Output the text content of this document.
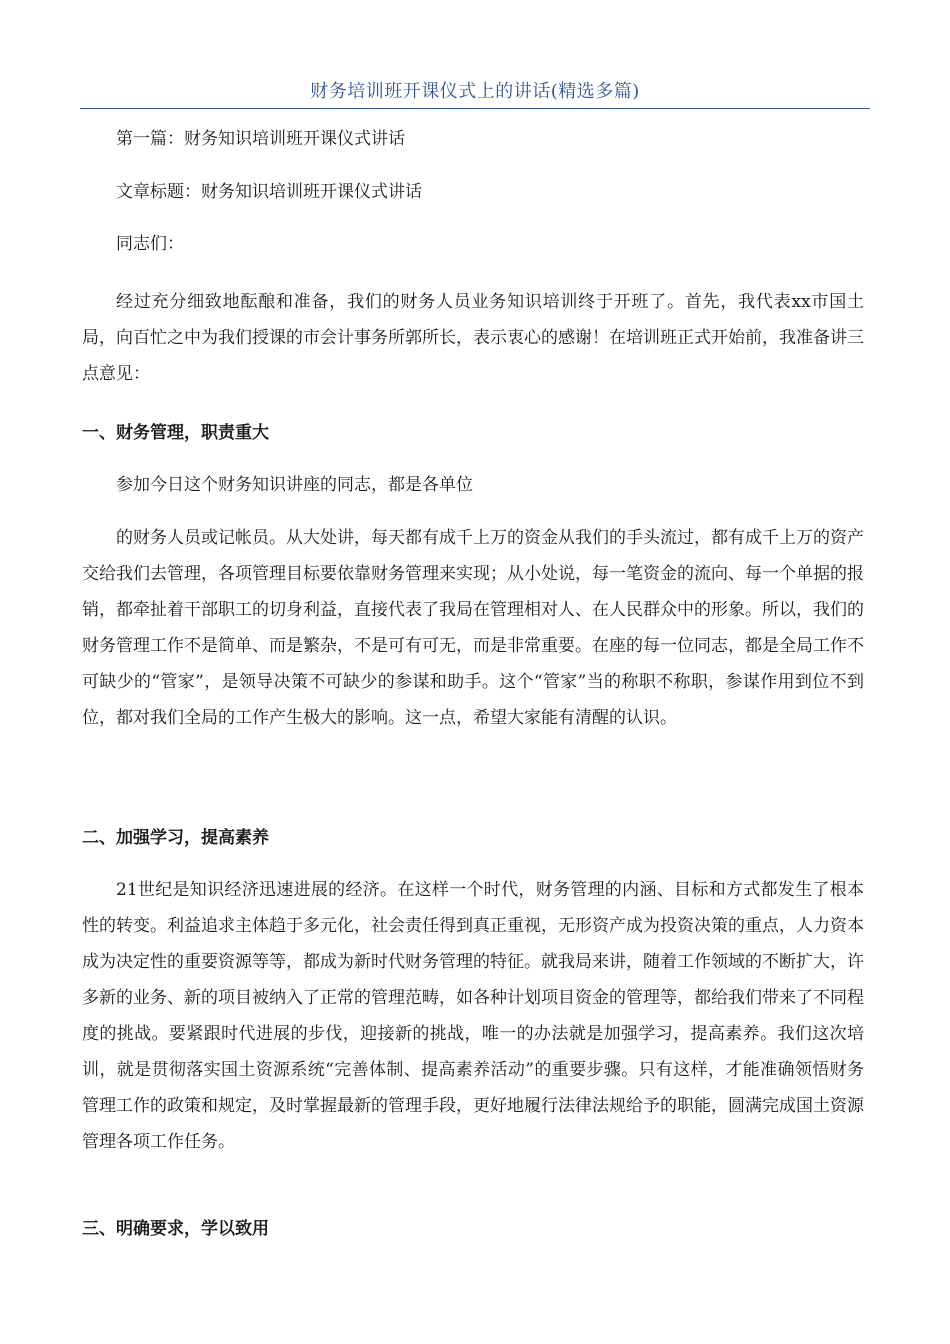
财务培训班开课仪式上的讲话(精选多篇)
第一篇：财务知识培训班开课仪式讲话
文章标题：财务知识培训班开课仪式讲话
同志们：
经过充分细致地酝酿和准备，我们的财务人员业务知识培训终于开班了。首先，我代表xx市国土局，向百忙之中为我们授课的市会计事务所郭所长，表示衷心的感谢！在培训班正式开始前，我准备讲三点意见：
一、财务管理，职责重大
参加今日这个财务知识讲座的同志，都是各单位
的财务人员或记帐员。从大处讲，每天都有成千上万的资金从我们的手头流过，都有成千上万的资产交给我们去管理，各项管理目标要依靠财务管理来实现；从小处说，每一笔资金的流向、每一个单据的报销，都牵扯着干部职工的切身利益，直接代表了我局在管理相对人、在人民群众中的形象。所以，我们的财务管理工作不是简单、而是繁杂，不是可有可无，而是非常重要。在座的每一位同志，都是全局工作不可缺少的“管家”，是领导决策不可缺少的参谋和助手。这个“管家”当的称职不称职，参谋作用到位不到位，都对我们全局的工作产生极大的影响。这一点，希望大家能有清醒的认识。
二、加强学习，提高素养
21世纪是知识经济迅速进展的经济。在这样一个时代，财务管理的内涵、目标和方式都发生了根本性的转变。利益追求主体趋于多元化，社会责任得到真正重视，无形资产成为投资决策的重点，人力资本成为决定性的重要资源等等，都成为新时代财务管理的特征。就我局来讲，随着工作领域的不断扩大，许多新的业务、新的项目被纳入了正常的管理范畴，如各种计划项目资金的管理等，都给我们带来了不同程度的挑战。要紧跟时代进展的步伐，迎接新的挑战，唯一的办法就是加强学习，提高素养。我们这次培训，就是贯彻落实国土资源系统“完善体制、提高素养活动”的重要步骤。只有这样，才能准确领悟财务管理工作的政策和规定，及时掌握最新的管理手段，更好地履行法律法规给予的职能，圆满完成国土资源管理各项工作任务。
三、明确要求，学以致用
